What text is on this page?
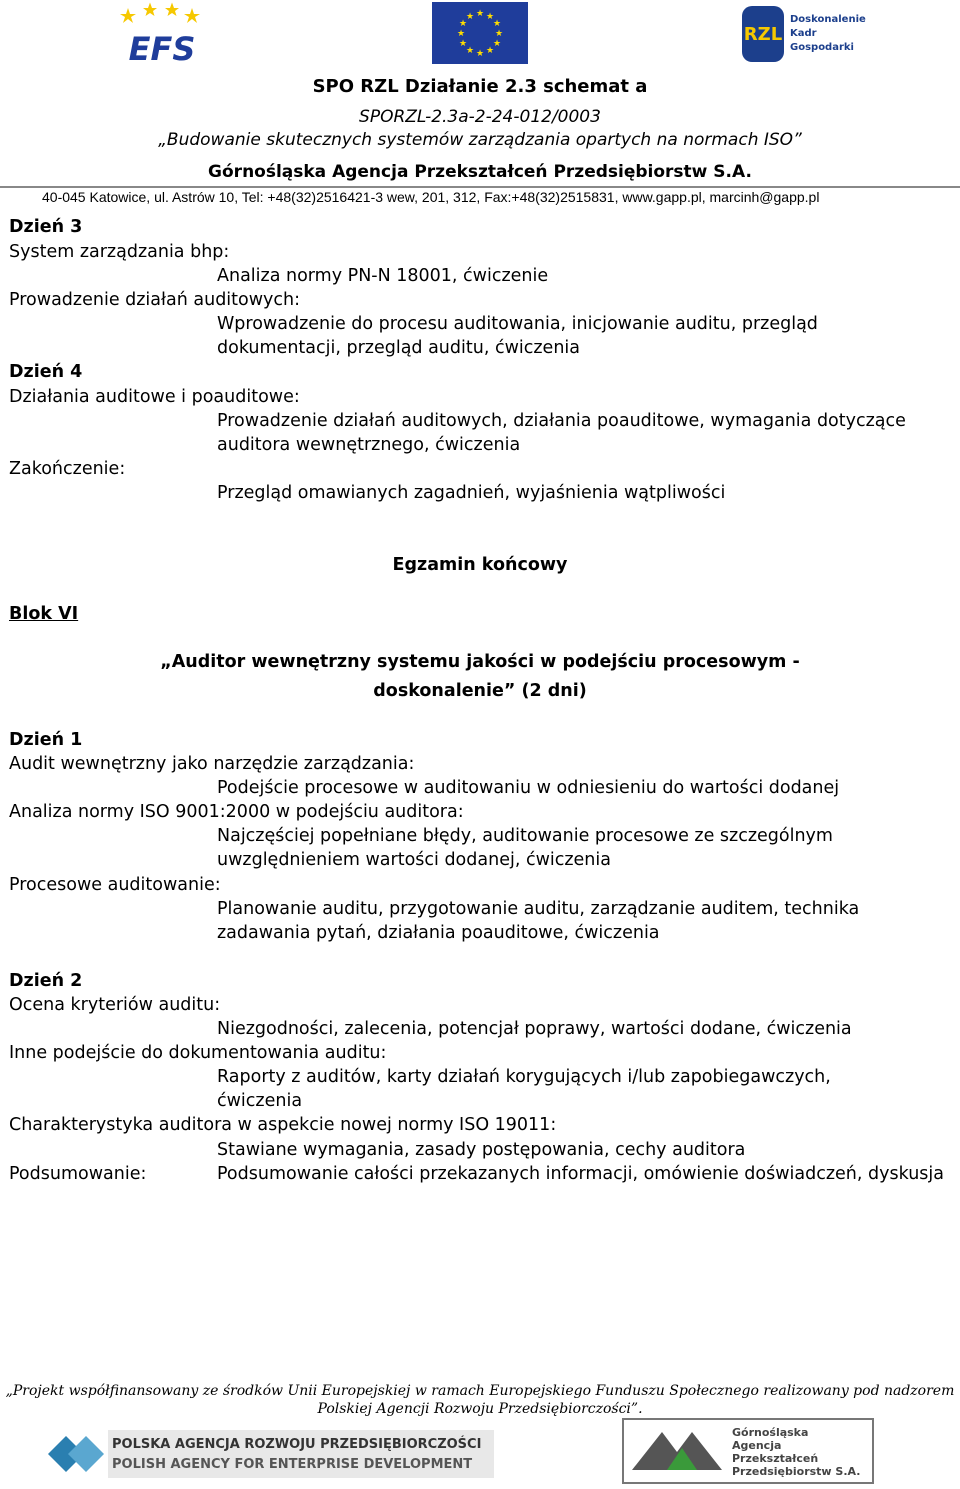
EFS
★ ★
★
★
★
★
★
★
★
★
★
★
RZL
Doskonalenie
Kadr
Gospodarki
SPO RZL Działanie 2.3 schemat a
SPORZL-2.3a-2-24-012/0003
„Budowanie skutecznych systemów zarządzania opartych na normach ISO”
Górnośląska Agencja Przekształceń Przedsiębiorstw S.A.
40-045 Katowice, ul. Astrów 10, Tel: +48(32)2516421-3 wew, 201, 312, Fax:+48(32)2515831, www.gapp.pl, marcinh@gapp.pl
Dzień 3
System zarządzania bhp:
Analiza normy PN-N 18001, ćwiczenie
Prowadzenie działań auditowych:
Wprowadzenie do procesu auditowania, inicjowanie auditu, przegląd
dokumentacji, przegląd auditu, ćwiczenia
Dzień 4
Działania auditowe i poauditowe:
Prowadzenie działań auditowych, działania poauditowe, wymagania dotyczące
auditora wewnętrznego, ćwiczenia
Zakończenie:
Przegląd omawianych zagadnień, wyjaśnienia wątpliwości
Egzamin końcowy
Blok VI
„Auditor wewnętrzny systemu jakości w podejściu procesowym -
doskonalenie” (2 dni)
Dzień 1
Audit wewnętrzny jako narzędzie zarządzania:
Podejście procesowe w auditowaniu w odniesieniu do wartości dodanej
Analiza normy ISO 9001:2000 w podejściu auditora:
Najczęściej popełniane błędy, auditowanie procesowe ze szczególnym
uwzględnieniem wartości dodanej, ćwiczenia
Procesowe auditowanie:
Planowanie auditu, przygotowanie auditu, zarządzanie auditem, technika
zadawania pytań, działania poauditowe, ćwiczenia
Dzień 2
Ocena kryteriów auditu:
Niezgodności, zalecenia, potencjał poprawy, wartości dodane, ćwiczenia
Inne podejście do dokumentowania auditu:
Raporty z auditów, karty działań korygujących i/lub zapobiegawczych,
ćwiczenia
Charakterystyka auditora w aspekcie nowej normy ISO 19011:
Stawiane wymagania, zasady postępowania, cechy auditora
Podsumowanie:	Podsumowanie całości przekazanych informacji, omówienie doświadczeń, dyskusja
„Projekt współfinansowany ze środków Unii Europejskiej w ramach Europejskiego Funduszu Społecznego realizowany pod nadzorem
Polskiej Agencji Rozwoju Przedsiębiorczości”.
POLSKA AGENCJA ROZWOJU PRZEDSIĘBIORCZOŚCI
POLISH AGENCY FOR ENTERPRISE DEVELOPMENT
Górnośląska
Agencja
Przekształceń
Przedsiębiorstw S.A.
